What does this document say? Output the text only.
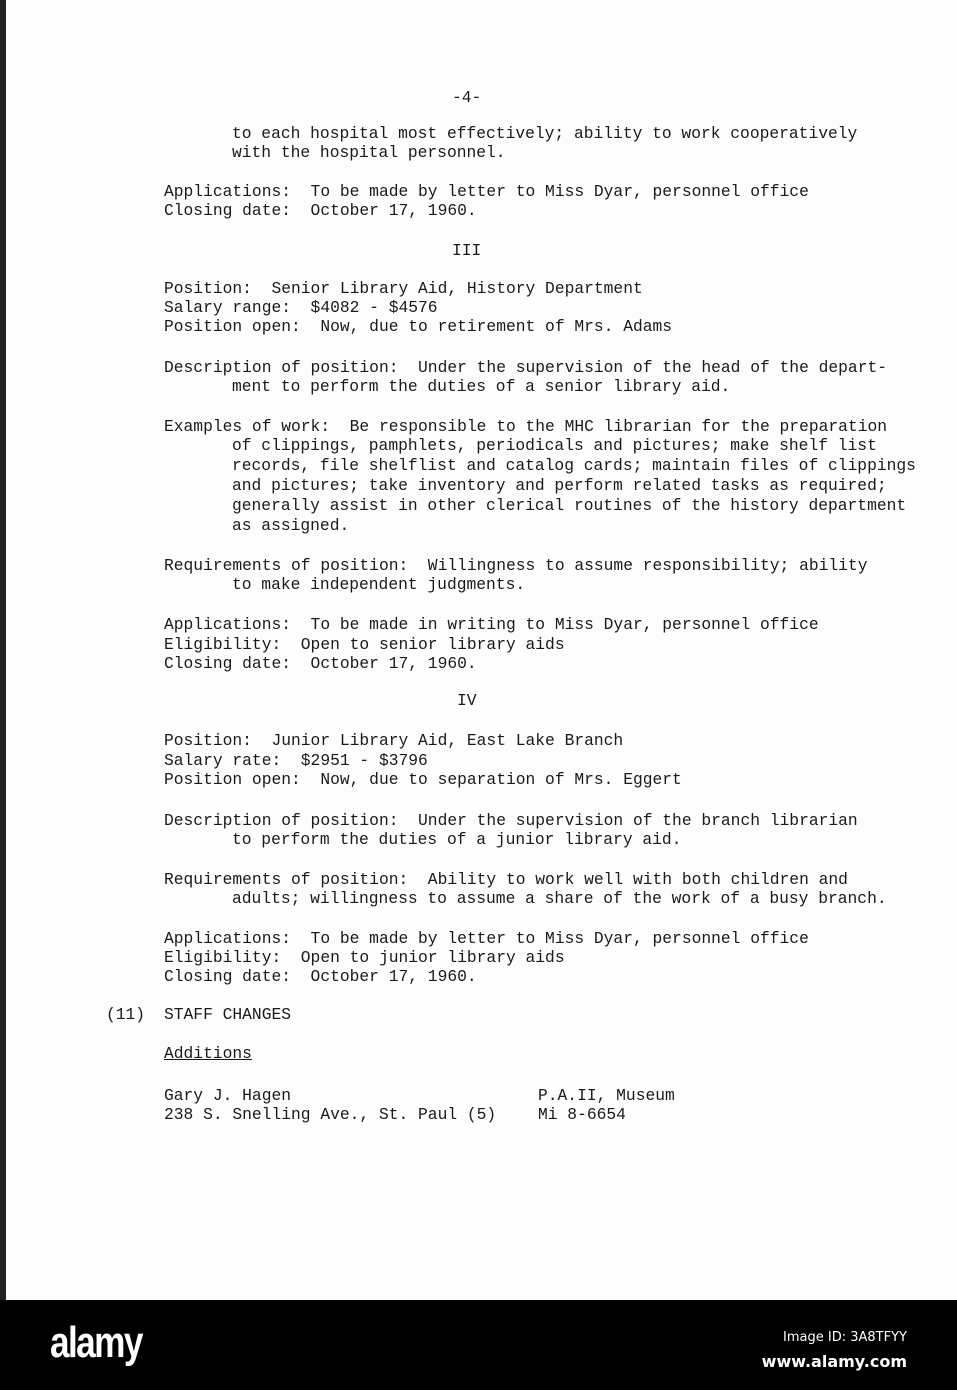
-4-
to each hospital most effectively; ability to work cooperatively
with the hospital personnel.
Applications:  To be made by letter to Miss Dyar, personnel office
Closing date:  October 17, 1960.
III
Position:  Senior Library Aid, History Department
Salary range:  $4082 - $4576
Position open:  Now, due to retirement of Mrs. Adams
Description of position:  Under the supervision of the head of the depart-
ment to perform the duties of a senior library aid.
Examples of work:  Be responsible to the MHC librarian for the preparation
of clippings, pamphlets, periodicals and pictures; make shelf list
records, file shelflist and catalog cards; maintain files of clippings
and pictures; take inventory and perform related tasks as required;
generally assist in other clerical routines of the history department
as assigned.
Requirements of position:  Willingness to assume responsibility; ability
to make independent judgments.
Applications:  To be made in writing to Miss Dyar, personnel office
Eligibility:  Open to senior library aids
Closing date:  October 17, 1960.
IV
Position:  Junior Library Aid, East Lake Branch
Salary rate:  $2951 - $3796
Position open:  Now, due to separation of Mrs. Eggert
Description of position:  Under the supervision of the branch librarian
to perform the duties of a junior library aid.
Requirements of position:  Ability to work well with both children and
adults; willingness to assume a share of the work of a busy branch.
Applications:  To be made by letter to Miss Dyar, personnel office
Eligibility:  Open to junior library aids
Closing date:  October 17, 1960.
(11) STAFF CHANGES
Additions
Gary J. Hagen
238 S. Snelling Ave., St. Paul (5)
P.A.II, Museum
Mi 8-6654
alamy	Image ID: 3A8TFYY
www.alamy.com
